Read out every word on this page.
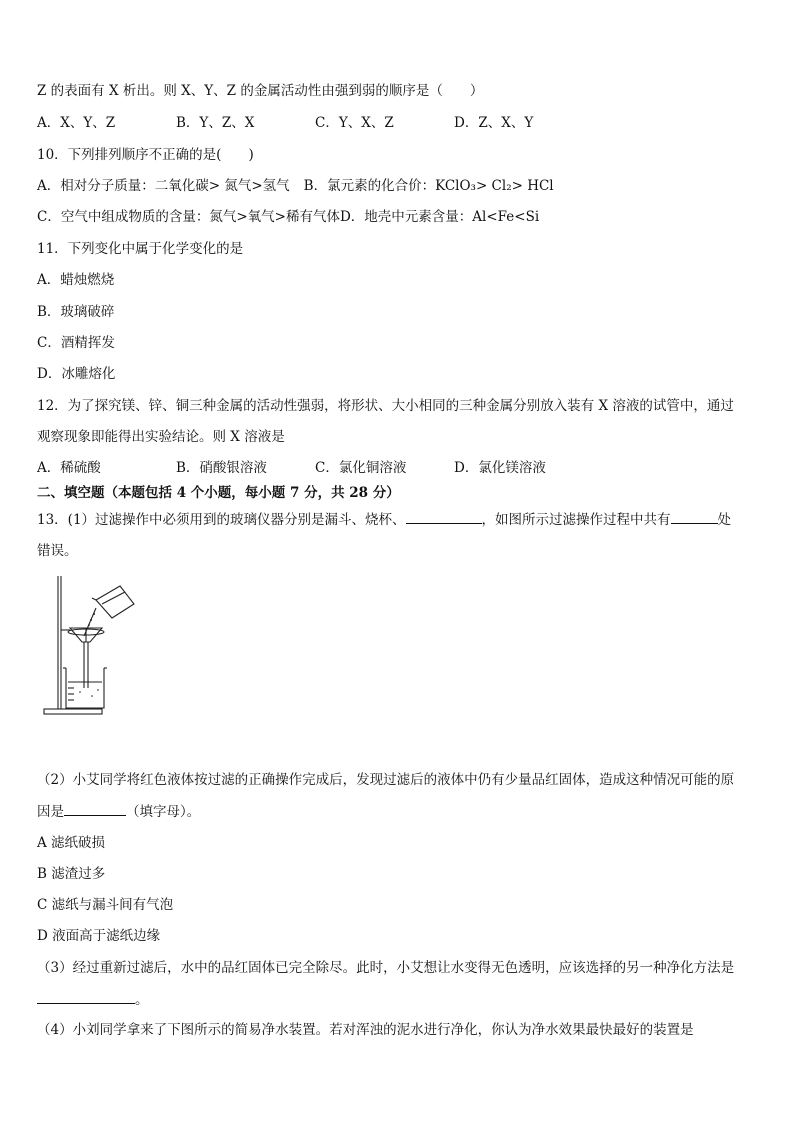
Z 的表面有 X 析出。则 X、Y、Z 的金属活动性由强到弱的顺序是（　　）
A．X、Y、Z	B．Y、Z、X	C．Y、X、Z	D．Z、X、Y
10．下列排列顺序不正确的是(　　)
A．相对分子质量：二氧化碳> 氮气>氢气 B．氯元素的化合价：KClO₃> Cl₂> HCl
C．空气中组成物质的含量：氮气>氧气>稀有气体D．地壳中元素含量：Al<Fe<Si
11．下列变化中属于化学变化的是
A．蜡烛燃烧
B．玻璃破碎
C．酒精挥发
D．冰雕熔化
12．为了探究镁、锌、铜三种金属的活动性强弱，将形状、大小相同的三种金属分别放入装有 X 溶液的试管中，通过
观察现象即能得出实验结论。则 X 溶液是
A．稀硫酸	B．硝酸银溶液	C．氯化铜溶液	D．氯化镁溶液
二、填空题（本题包括 4 个小题，每小题 7 分，共 28 分）
13．(1）过滤操作中必须用到的玻璃仪器分别是漏斗、烧杯、	，如图所示过滤操作过程中共有	处
错误。
（2）小艾同学将红色液体按过滤的正确操作完成后，发现过滤后的液体中仍有少量品红固体，造成这种情况可能的原
因是	（填字母）。
A 滤纸破损
B 滤渣过多
C 滤纸与漏斗间有气泡
D 液面高于滤纸边缘
（3）经过重新过滤后，水中的品红固体已完全除尽。此时，小艾想让水变得无色透明，应该选择的另一种净化方法是
。
（4）小刘同学拿来了下图所示的简易净水装置。若对浑浊的泥水进行净化，你认为净水效果最快最好的装置是
